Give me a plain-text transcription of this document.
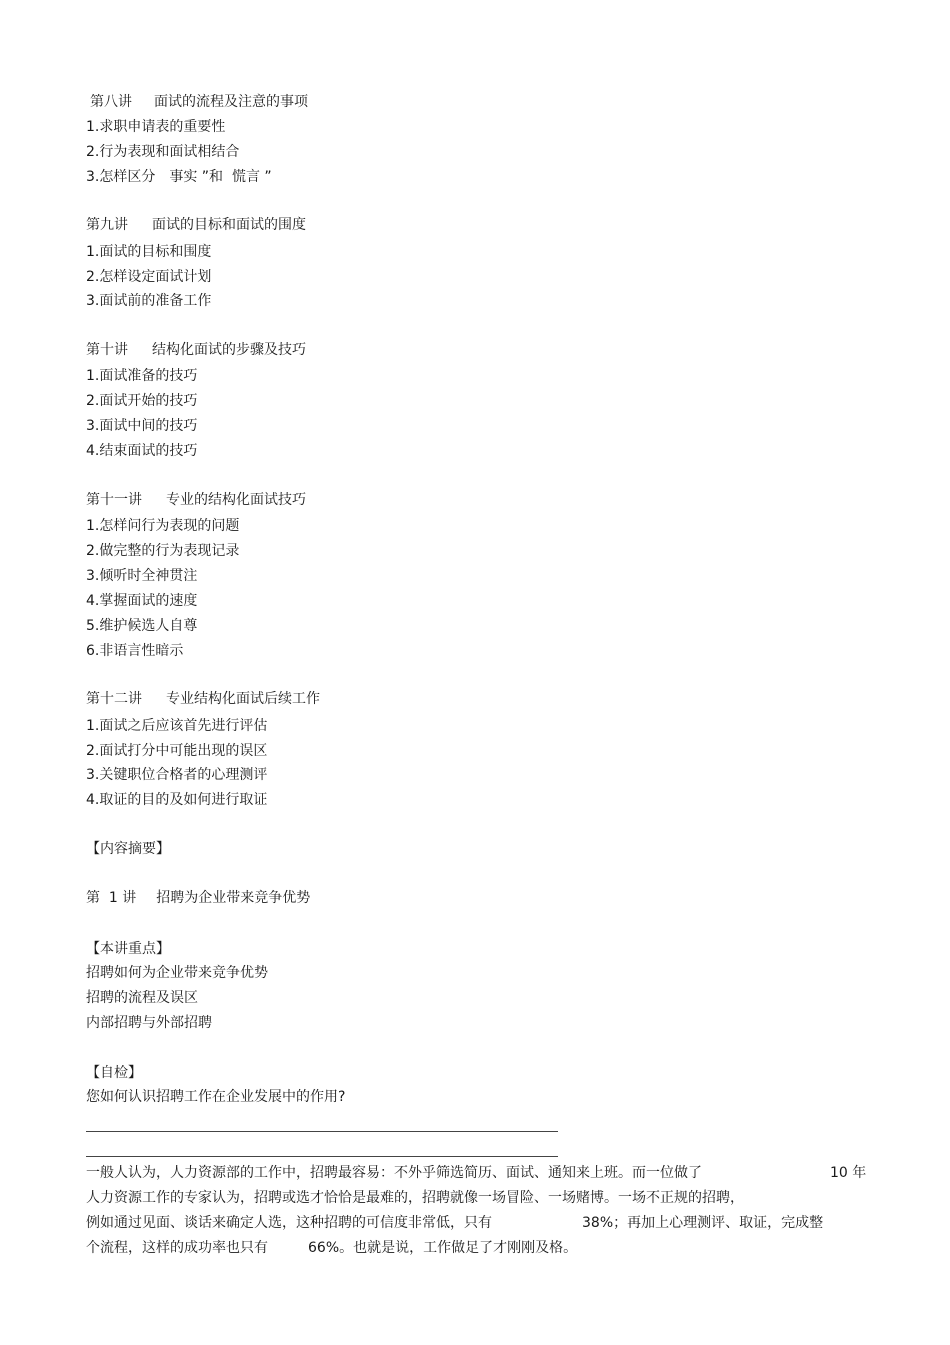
第八讲 面试的流程及注意的事项
1.求职申请表的重要性
2.行为表现和面试相结合
3.怎样区分　事实 ”和  慌言 ”
第九讲 面试的目标和面试的围度
1.面试的目标和围度
2.怎样设定面试计划
3.面试前的准备工作
第十讲 结构化面试的步骤及技巧
1.面试准备的技巧
2.面试开始的技巧
3.面试中间的技巧
4.结束面试的技巧
第十一讲 专业的结构化面试技巧
1.怎样问行为表现的问题
2.做完整的行为表现记录
3.倾听时全神贯注
4.掌握面试的速度
5.维护候选人自尊
6.非语言性暗示
第十二讲 专业结构化面试后续工作
1.面试之后应该首先进行评估
2.面试打分中可能出现的误区
3.关键职位合格者的心理测评
4.取证的目的及如何进行取证
【内容摘要】
第  1 讲 招聘为企业带来竞争优势
【本讲重点】
招聘如何为企业带来竞争优势
招聘的流程及误区
内部招聘与外部招聘
【自检】
您如何认识招聘工作在企业发展中的作用?
一般人认为，人力资源部的工作中，招聘最容易：不外乎筛选简历、面试、通知来上班。而一位做了	10 年
人力资源工作的专家认为，招聘或选才恰恰是最难的，招聘就像一场冒险、一场赌博。一场不正规的招聘，
例如通过见面、谈话来确定人选，这种招聘的可信度非常低，只有	38%；再加上心理测评、取证，完成整
个流程，这样的成功率也只有	66%。也就是说，工作做足了才刚刚及格。
